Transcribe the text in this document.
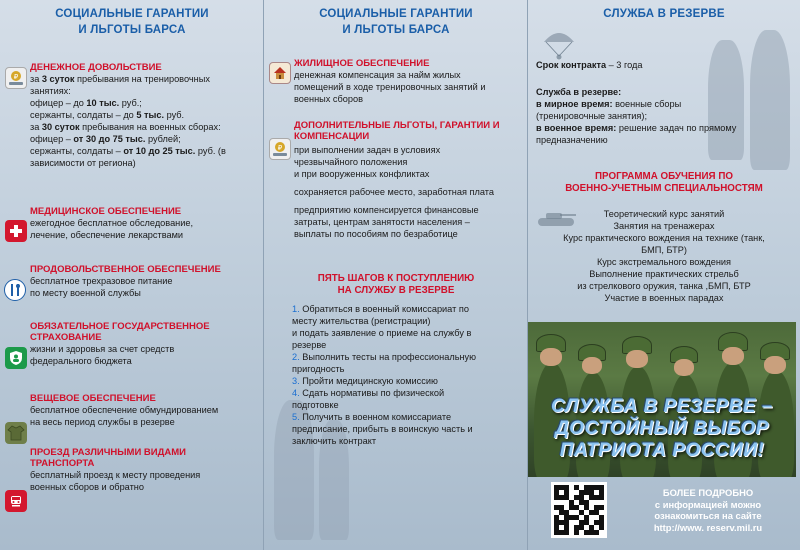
СОЦИАЛЬНЫЕ ГАРАНТИИ
И ЛЬГОТЫ БАРСА
₽
ДЕНЕЖНОЕ ДОВОЛЬСТВИЕ
за 3 суток пребывания на тренировочных
занятиях:
офицер – до 10 тыс. руб.;
сержанты, солдаты – до 5 тыс. руб.
за 30 суток пребывания на военных сборах:
офицер – от 30 до 75 тыс. рублей;
сержанты, солдаты – от 10 до 25 тыс. руб. (в
зависимости от региона)
МЕДИЦИНСКОЕ ОБЕСПЕЧЕНИЕ
ежегодное бесплатное обследование,
лечение, обеспечение лекарствами
ПРОДОВОЛЬСТВЕННОЕ ОБЕСПЕЧЕНИЕ
бесплатное трехразовое питание
по месту военной службы
ОБЯЗАТЕЛЬНОЕ ГОСУДАРСТВЕННОЕ
СТРАХОВАНИЕ
жизни и здоровья за счет средств
федерального бюджета
ВЕЩЕВОЕ ОБЕСПЕЧЕНИЕ
бесплатное обеспечение обмундированием
на весь период службы в резерве
ПРОЕЗД РАЗЛИЧНЫМИ ВИДАМИ
ТРАНСПОРТА
бесплатный проезд к месту проведения
военных сборов и обратно
СОЦИАЛЬНЫЕ ГАРАНТИИ
И ЛЬГОТЫ БАРСА
ЖИЛИЩНОЕ ОБЕСПЕЧЕНИЕ
денежная компенсация за найм жилых
помещений в ходе тренировочных занятий и
военных сборов
₽
ДОПОЛНИТЕЛЬНЫЕ ЛЬГОТЫ, ГАРАНТИИ И
КОМПЕНСАЦИИ
при выполнении задач в условиях
чрезвычайного положения
и при вооруженных конфликтах
сохраняется рабочее место, заработная плата
предприятию компенсируется финансовые
затраты, центрам занятости населения –
выплаты по пособиям по безработице
ПЯТЬ ШАГОВ К ПОСТУПЛЕНИЮ
НА СЛУЖБУ В РЕЗЕРВЕ
1. Обратиться в военный комиссариат по
месту жительства (регистрации)
и подать заявление о приеме на службу в
резерве
2. Выполнить тесты на профессиональную
пригодность
3. Пройти медицинскую комиссию
4. Сдать нормативы по физической
подготовке
5. Получить в военном комиссариате
предписание, прибыть в воинскую часть и
заключить контракт
СЛУЖБА В РЕЗЕРВЕ
Срок контракта – 3 года
Служба в резерве:
в мирное время: военные сборы
(тренировочные занятия);
в военное время: решение задач по прямому
предназначению
ПРОГРАММА ОБУЧЕНИЯ ПО
ВОЕННО-УЧЕТНЫМ СПЕЦИАЛЬНОСТЯМ
Теоретический курс занятий
Занятия на тренажерах
Курс практического вождения на технике (танк,
БМП, БТР)
Курс экстремального вождения
Выполнение практических стрельб
из стрелкового оружия, танка ,БМП, БТР
Участие в военных парадах
СЛУЖБА В РЕЗЕРВЕ –
ДОСТОЙНЫЙ ВЫБОР
ПАТРИОТА РОССИИ!
БОЛЕЕ ПОДРОБНО
с информацией можно
ознакомиться на сайте
http://www. reserv.mil.ru
